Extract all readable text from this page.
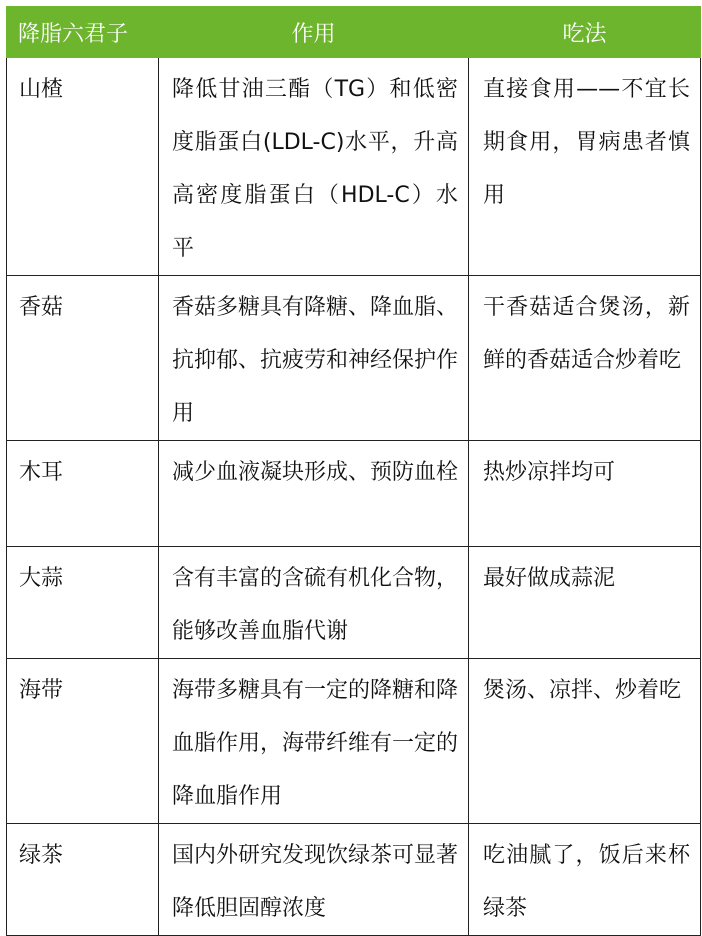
降脂六君子	作用	吃法
山楂	降低甘油三酯（TG）和低密度脂蛋白(LDL-C)水平，升高高密度脂蛋白（HDL-C）水平	直接食用——不宜长期食用，胃病患者慎用
香菇	香菇多糖具有降糖、降血脂、抗抑郁、抗疲劳和神经保护作用	干香菇适合煲汤，新鲜的香菇适合炒着吃
木耳	减少血液凝块形成、预防血栓	热炒凉拌均可
大蒜	含有丰富的含硫有机化合物，能够改善血脂代谢	最好做成蒜泥
海带	海带多糖具有一定的降糖和降血脂作用，海带纤维有一定的降血脂作用	煲汤、凉拌、炒着吃
绿茶	国内外研究发现饮绿茶可显著降低胆固醇浓度	吃油腻了，饭后来杯绿茶
